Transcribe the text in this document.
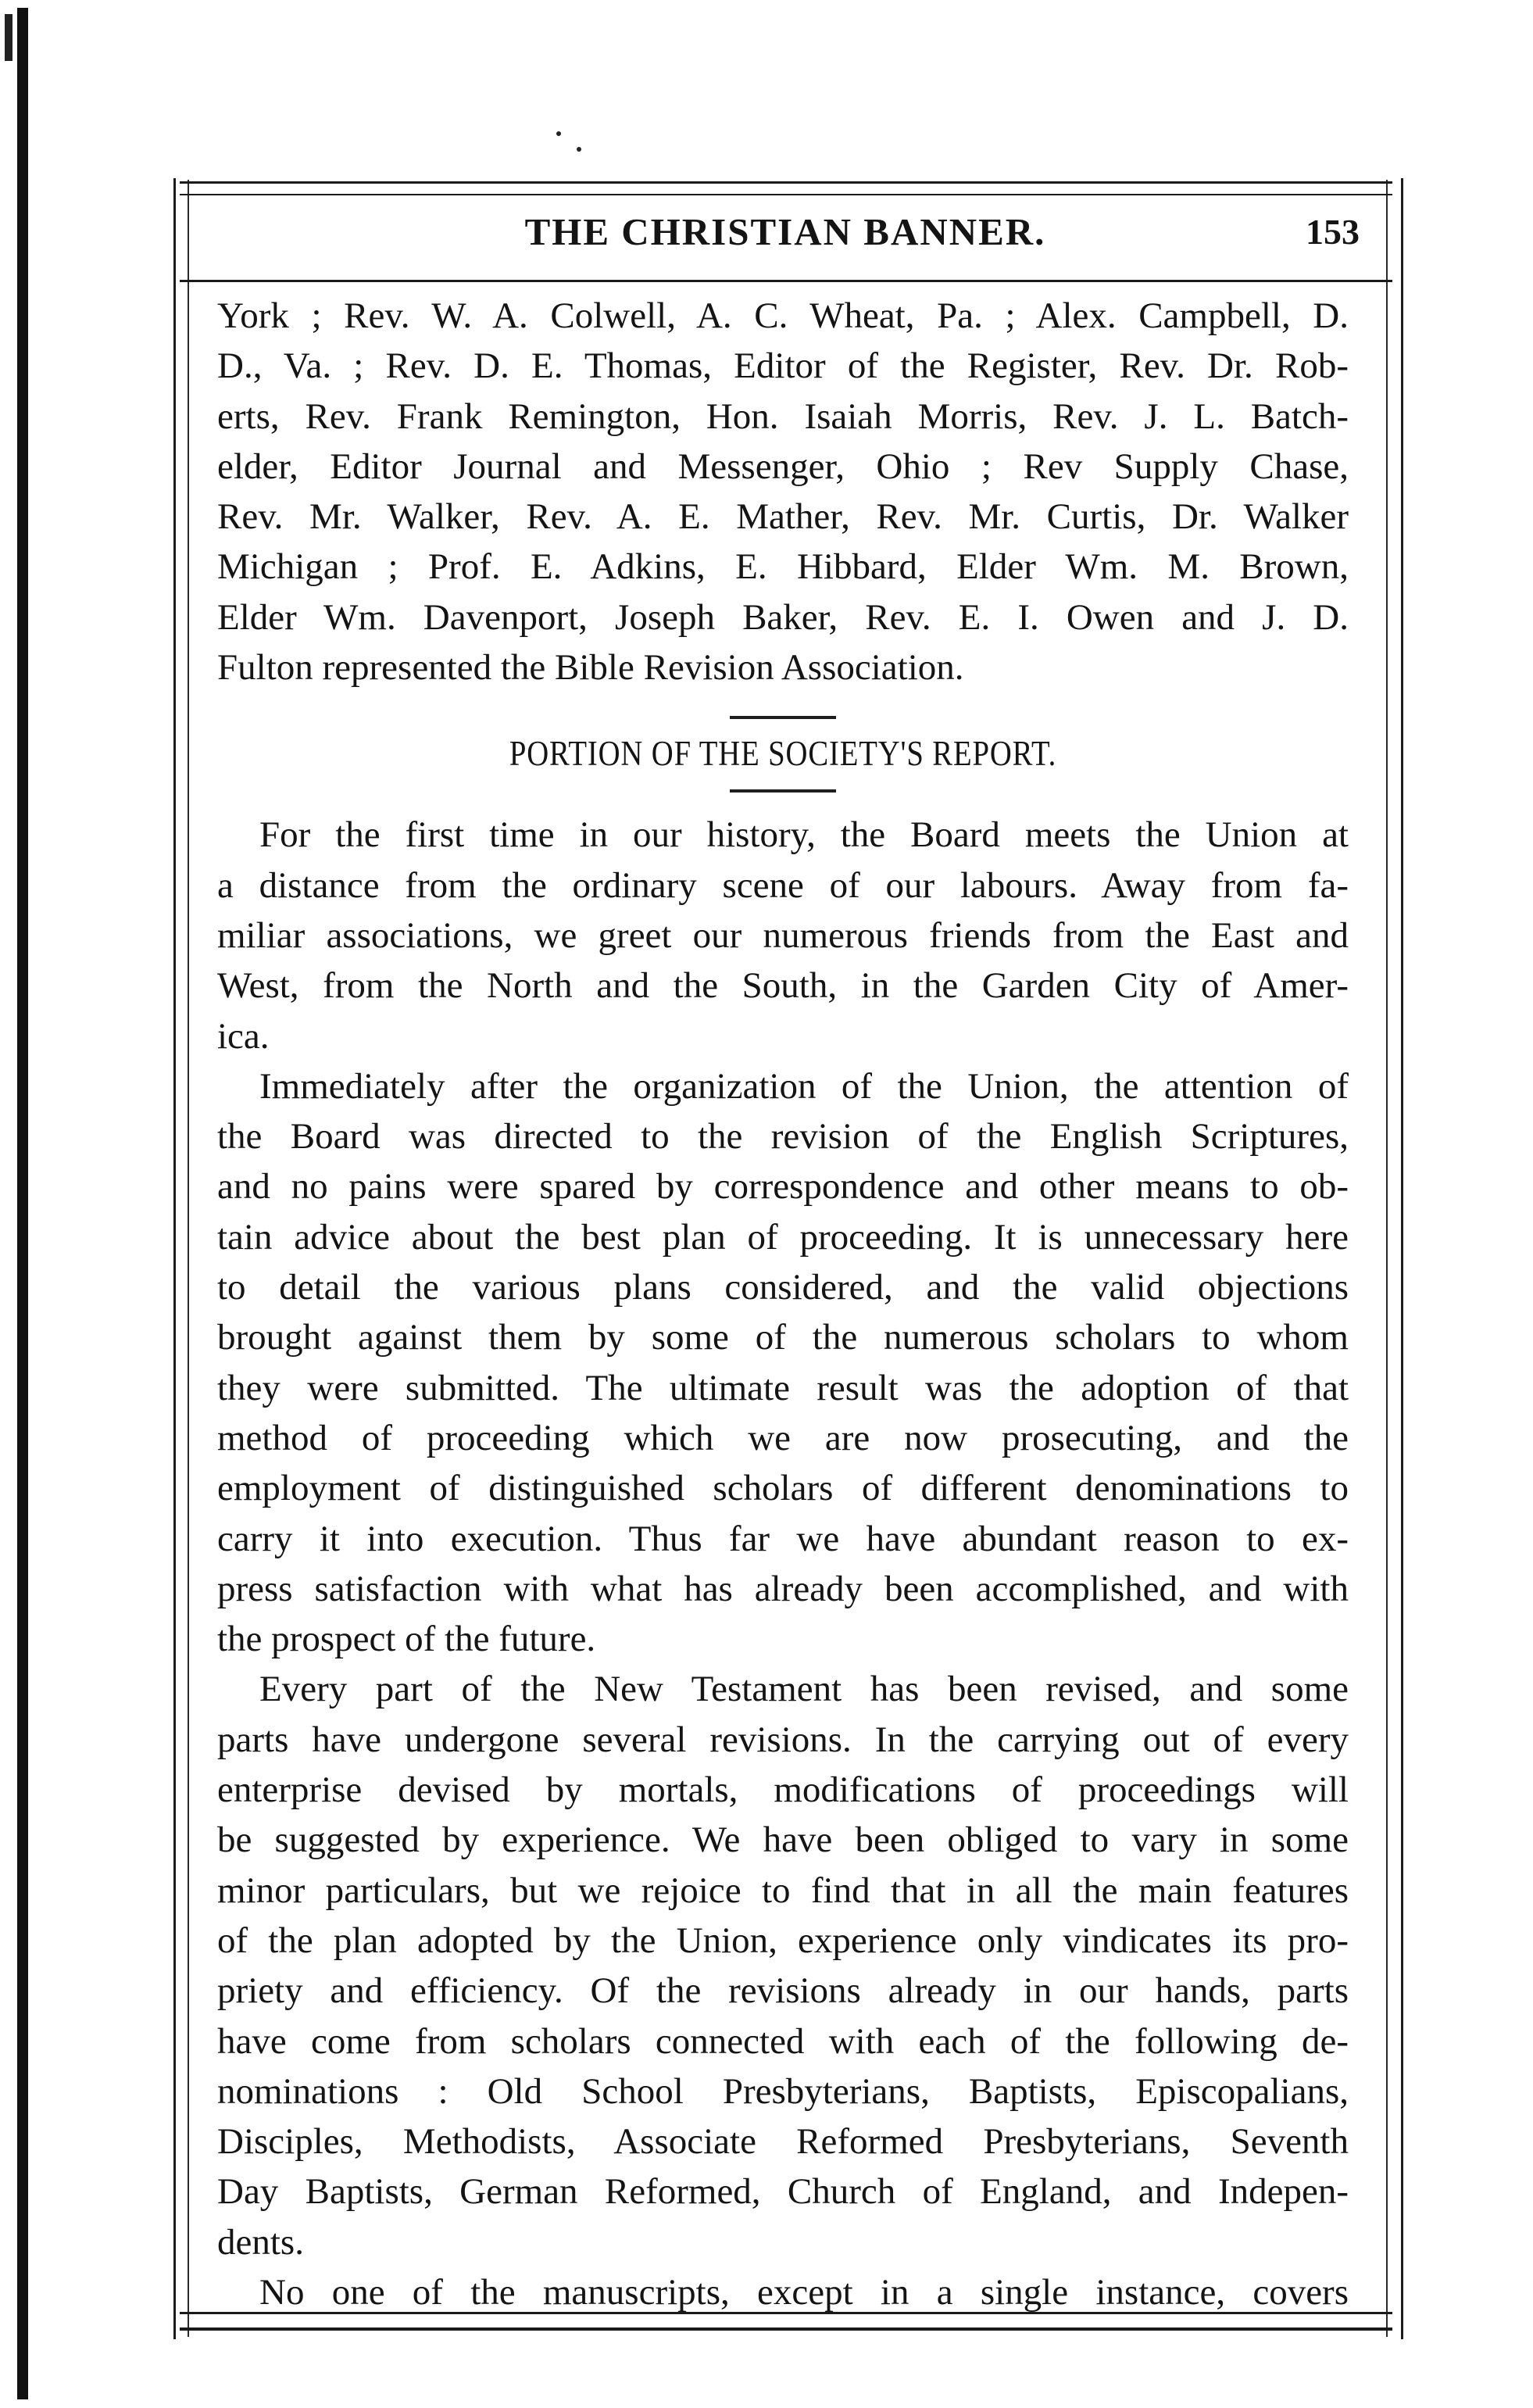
THE CHRISTIAN BANNER.	153
York ; Rev. W. A. Colwell, A. C. Wheat, Pa. ; Alex. Campbell, D.
D., Va. ; Rev. D. E. Thomas, Editor of the Register, Rev. Dr. Rob-
erts, Rev. Frank Remington, Hon. Isaiah Morris, Rev. J. L. Batch-
elder, Editor Journal and Messenger, Ohio ; Rev Supply Chase,
Rev. Mr. Walker, Rev. A. E. Mather, Rev. Mr. Curtis, Dr. Walker
Michigan ; Prof. E. Adkins, E. Hibbard, Elder Wm. M. Brown,
Elder Wm. Davenport, Joseph Baker, Rev. E. I. Owen and J. D.
Fulton represented the Bible Revision Association.
PORTION OF THE SOCIETY'S REPORT.
For the first time in our history, the Board meets the Union at
a distance from the ordinary scene of our labours. Away from fa-
miliar associations, we greet our numerous friends from the East and
West, from the North and the South, in the Garden City of Amer-
ica.
Immediately after the organization of the Union, the attention of
the Board was directed to the revision of the English Scriptures,
and no pains were spared by correspondence and other means to ob-
tain advice about the best plan of proceeding. It is unnecessary here
to detail the various plans considered, and the valid objections
brought against them by some of the numerous scholars to whom
they were submitted. The ultimate result was the adoption of that
method of proceeding which we are now prosecuting, and the
employment of distinguished scholars of different denominations to
carry it into execution. Thus far we have abundant reason to ex-
press satisfaction with what has already been accomplished, and with
the prospect of the future.
Every part of the New Testament has been revised, and some
parts have undergone several revisions. In the carrying out of every
enterprise devised by mortals, modifications of proceedings will
be suggested by experience. We have been obliged to vary in some
minor particulars, but we rejoice to find that in all the main features
of the plan adopted by the Union, experience only vindicates its pro-
priety and efficiency. Of the revisions already in our hands, parts
have come from scholars connected with each of the following de-
nominations : Old School Presbyterians, Baptists, Episcopalians,
Disciples, Methodists, Associate Reformed Presbyterians, Seventh
Day Baptists, German Reformed, Church of England, and Indepen-
dents.
No one of the manuscripts, except in a single instance, covers
